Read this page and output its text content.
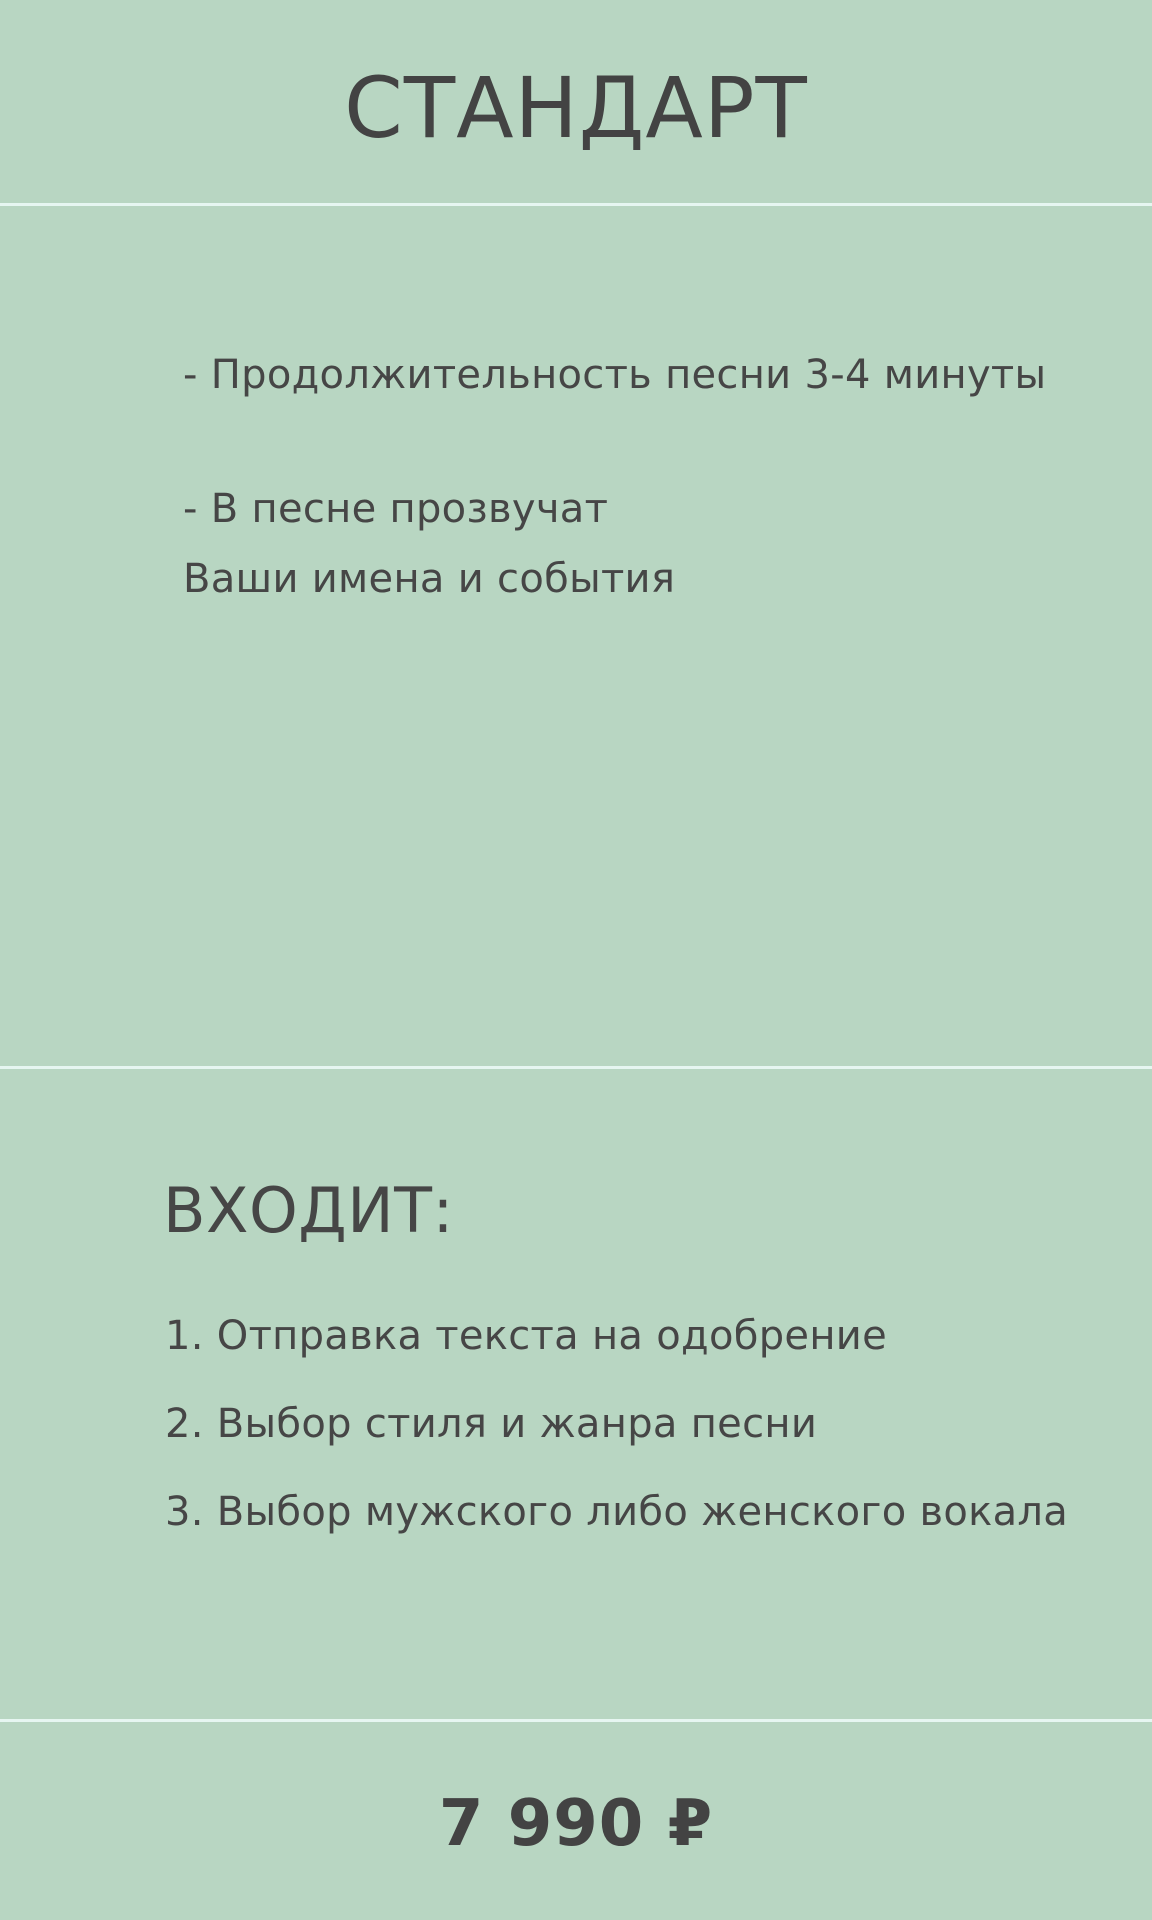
СТАНДАРТ
- Продолжительность песни 3-4 минуты
- В песне прозвучат
Ваши имена и события
ВХОДИТ:
1. Отправка текста на одобрение
2. Выбор стиля и жанра песни
3. Выбор мужского либо женского вокала
7 990 ₽
